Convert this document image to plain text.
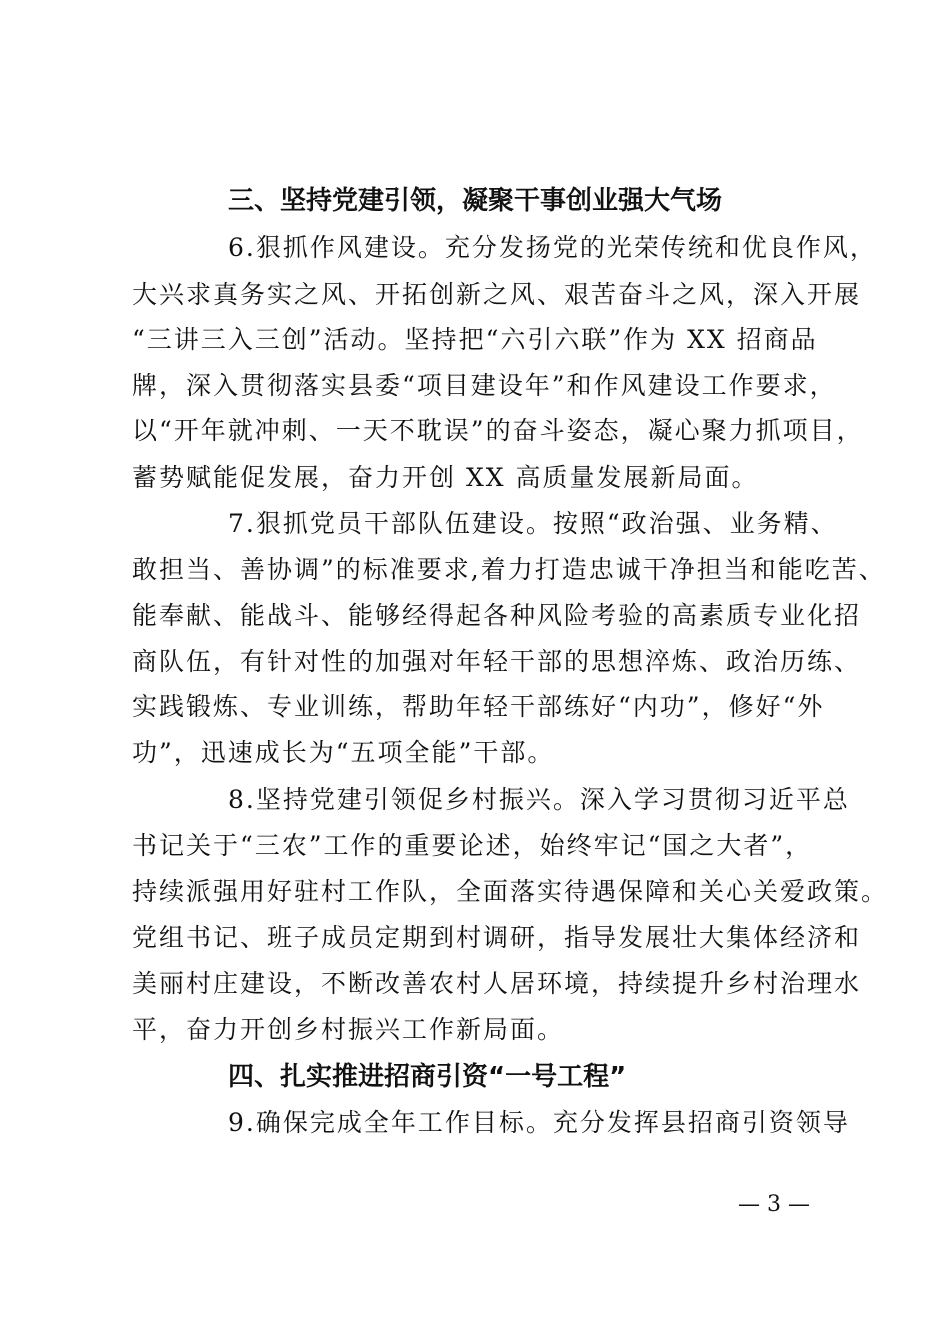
三、坚持党建引领，凝聚干事创业强大气场
6.狠抓作风建设。充分发扬党的光荣传统和优良作风，
大兴求真务实之风、开拓创新之风、艰苦奋斗之风，深入开展
“三讲三入三创”活动。坚持把“六引六联”作为 XX 招商品
牌，深入贯彻落实县委“项目建设年”和作风建设工作要求，
以“开年就冲刺、一天不耽误”的奋斗姿态，凝心聚力抓项目，
蓄势赋能促发展，奋力开创 XX 高质量发展新局面。
7.狠抓党员干部队伍建设。按照“政治强、业务精、
敢担当、善协调”的标准要求,着力打造忠诚干净担当和能吃苦、
能奉献、能战斗、能够经得起各种风险考验的高素质专业化招
商队伍，有针对性的加强对年轻干部的思想淬炼、政治历练、
实践锻炼、专业训练，帮助年轻干部练好“内功”，修好“外
功”，迅速成长为“五项全能”干部。
8.坚持党建引领促乡村振兴。深入学习贯彻习近平总
书记关于“三农”工作的重要论述，始终牢记“国之大者”，
持续派强用好驻村工作队，全面落实待遇保障和关心关爱政策。
党组书记、班子成员定期到村调研，指导发展壮大集体经济和
美丽村庄建设，不断改善农村人居环境，持续提升乡村治理水
平，奋力开创乡村振兴工作新局面。
四、扎实推进招商引资“一号工程”
9.确保完成全年工作目标。充分发挥县招商引资领导
— 3 —
